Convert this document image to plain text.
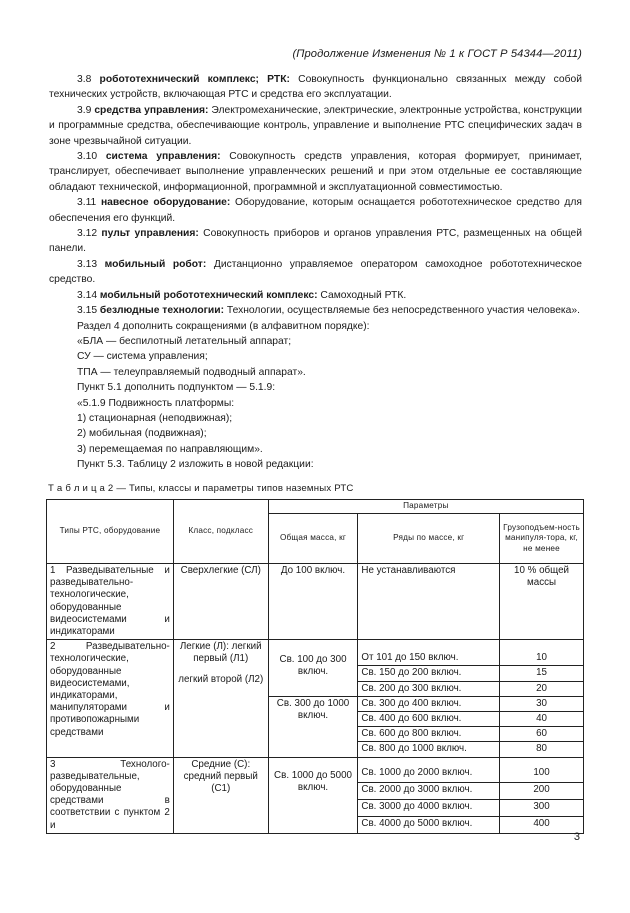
(Продолжение Изменения № 1 к ГОСТ Р 54344—2011)

3.8 робототехнический комплекс; РТК: Совокупность функционально связанных между собой технических устройств, включающая РТС и средства его эксплуатации.

3.9 средства управления: Электромеханические, электрические, электронные устройства, конструкции и программные средства, обеспечивающие контроль, управление и выполнение РТС специфических задач в зоне чрезвычайной ситуации.

3.10 система управления: Совокупность средств управления, которая формирует, принимает, транслирует, обеспечивает выполнение управленческих решений и при этом отдельные ее составляющие обладают технической, информационной, программной и эксплуатационной совместимостью.

3.11 навесное оборудование: Оборудование, которым оснащается робототехническое средство для обеспечения его функций.

3.12 пульт управления: Совокупность приборов и органов управления РТС, размещенных на общей панели.

3.13 мобильный робот: Дистанционно управляемое оператором самоходное робототехническое средство.

3.14 мобильный робототехнический комплекс: Самоходный РТК.

3.15 безлюдные технологии: Технологии, осуществляемые без непосредственного участия человека».

Раздел 4 дополнить сокращениями (в алфавитном порядке):

«БЛА — беспилотный летательный аппарат;

СУ — система управления;

ТПА — телеуправляемый подводный аппарат».

Пункт 5.1 дополнить подпунктом — 5.1.9:

«5.1.9 Подвижность платформы:

1) стационарная (неподвижная);

2) мобильная (подвижная);

3) перемещаемая по направляющим».

Пункт 5.3. Таблицу 2 изложить в новой редакции:

Т а б л и ц а 2 — Типы, классы и параметры типов наземных РТС
Типы РТС, оборудование	Класс, подкласс	Параметры		
		Общая масса, кг	Ряды по массе, кг	Грузоподъем-ность манипуля-тора, кг, не менее
1 Разведывательные и разведывательно-технологические, оборудованные видеосистемами и индикаторами	Сверхлегкие (СЛ)	До 100 включ.	Не устанавливаются	10 % общей массы
2 Разведывательно-технологические, оборудованные видеосистемами, индикаторами, манипуляторами и противопожарными средствами	Легкие (Л): легкий первый (Л1)
легкий второй (Л2)	Св. 100 до 300 включ.	От 101 до 150 включ.	10
			Св. 150 до 200 включ.	15
			Св. 200 до 300 включ.	20
		Св. 300 до 1000 включ.	Св. 300 до 400 включ.	30
			Св. 400 до 600 включ.	40
			Св. 600 до 800 включ.	60
			Св. 800 до 1000 включ.	80
3 Технолого-разведывательные, оборудованные средствами в соответствии с пунктом 2 и	Средние (С): средний первый (С1)	Св. 1000 до 5000 включ.	Св. 1000 до 2000 включ.	100
			Св. 2000 до 3000 включ.	200
			Св. 3000 до 4000 включ.	300
			Св. 4000 до 5000 включ.	400
3
